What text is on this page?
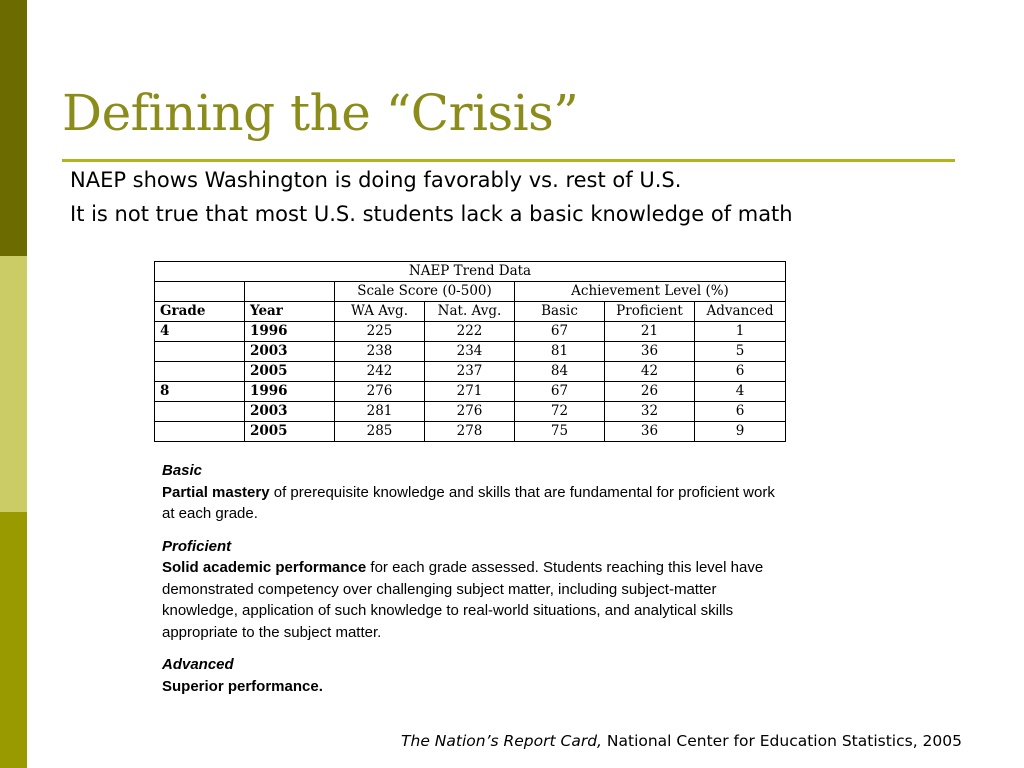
Defining the “Crisis”
NAEP shows Washington is doing favorably vs. rest of U.S.
It is not true that most U.S. students lack a basic knowledge of math
NAEP Trend Data						
		Scale Score (0-500)		Achievement Level (%)		
Grade	Year	WA Avg.	Nat. Avg.	Basic	Proficient	Advanced
4	1996	225	222	67	21	1
	2003	238	234	81	36	5
	2005	242	237	84	42	6
8	1996	276	271	67	26	4
	2003	281	276	72	32	6
	2005	285	278	75	36	9
Basic
Partial mastery of prerequisite knowledge and skills that are fundamental for proficient work at each grade.
Proficient
Solid academic performance for each grade assessed. Students reaching this level have demonstrated competency over challenging subject matter, including subject-matter knowledge, application of such knowledge to real-world situations, and analytical skills appropriate to the subject matter.
Advanced
Superior performance.
The Nation’s Report Card, National Center for Education Statistics, 2005
